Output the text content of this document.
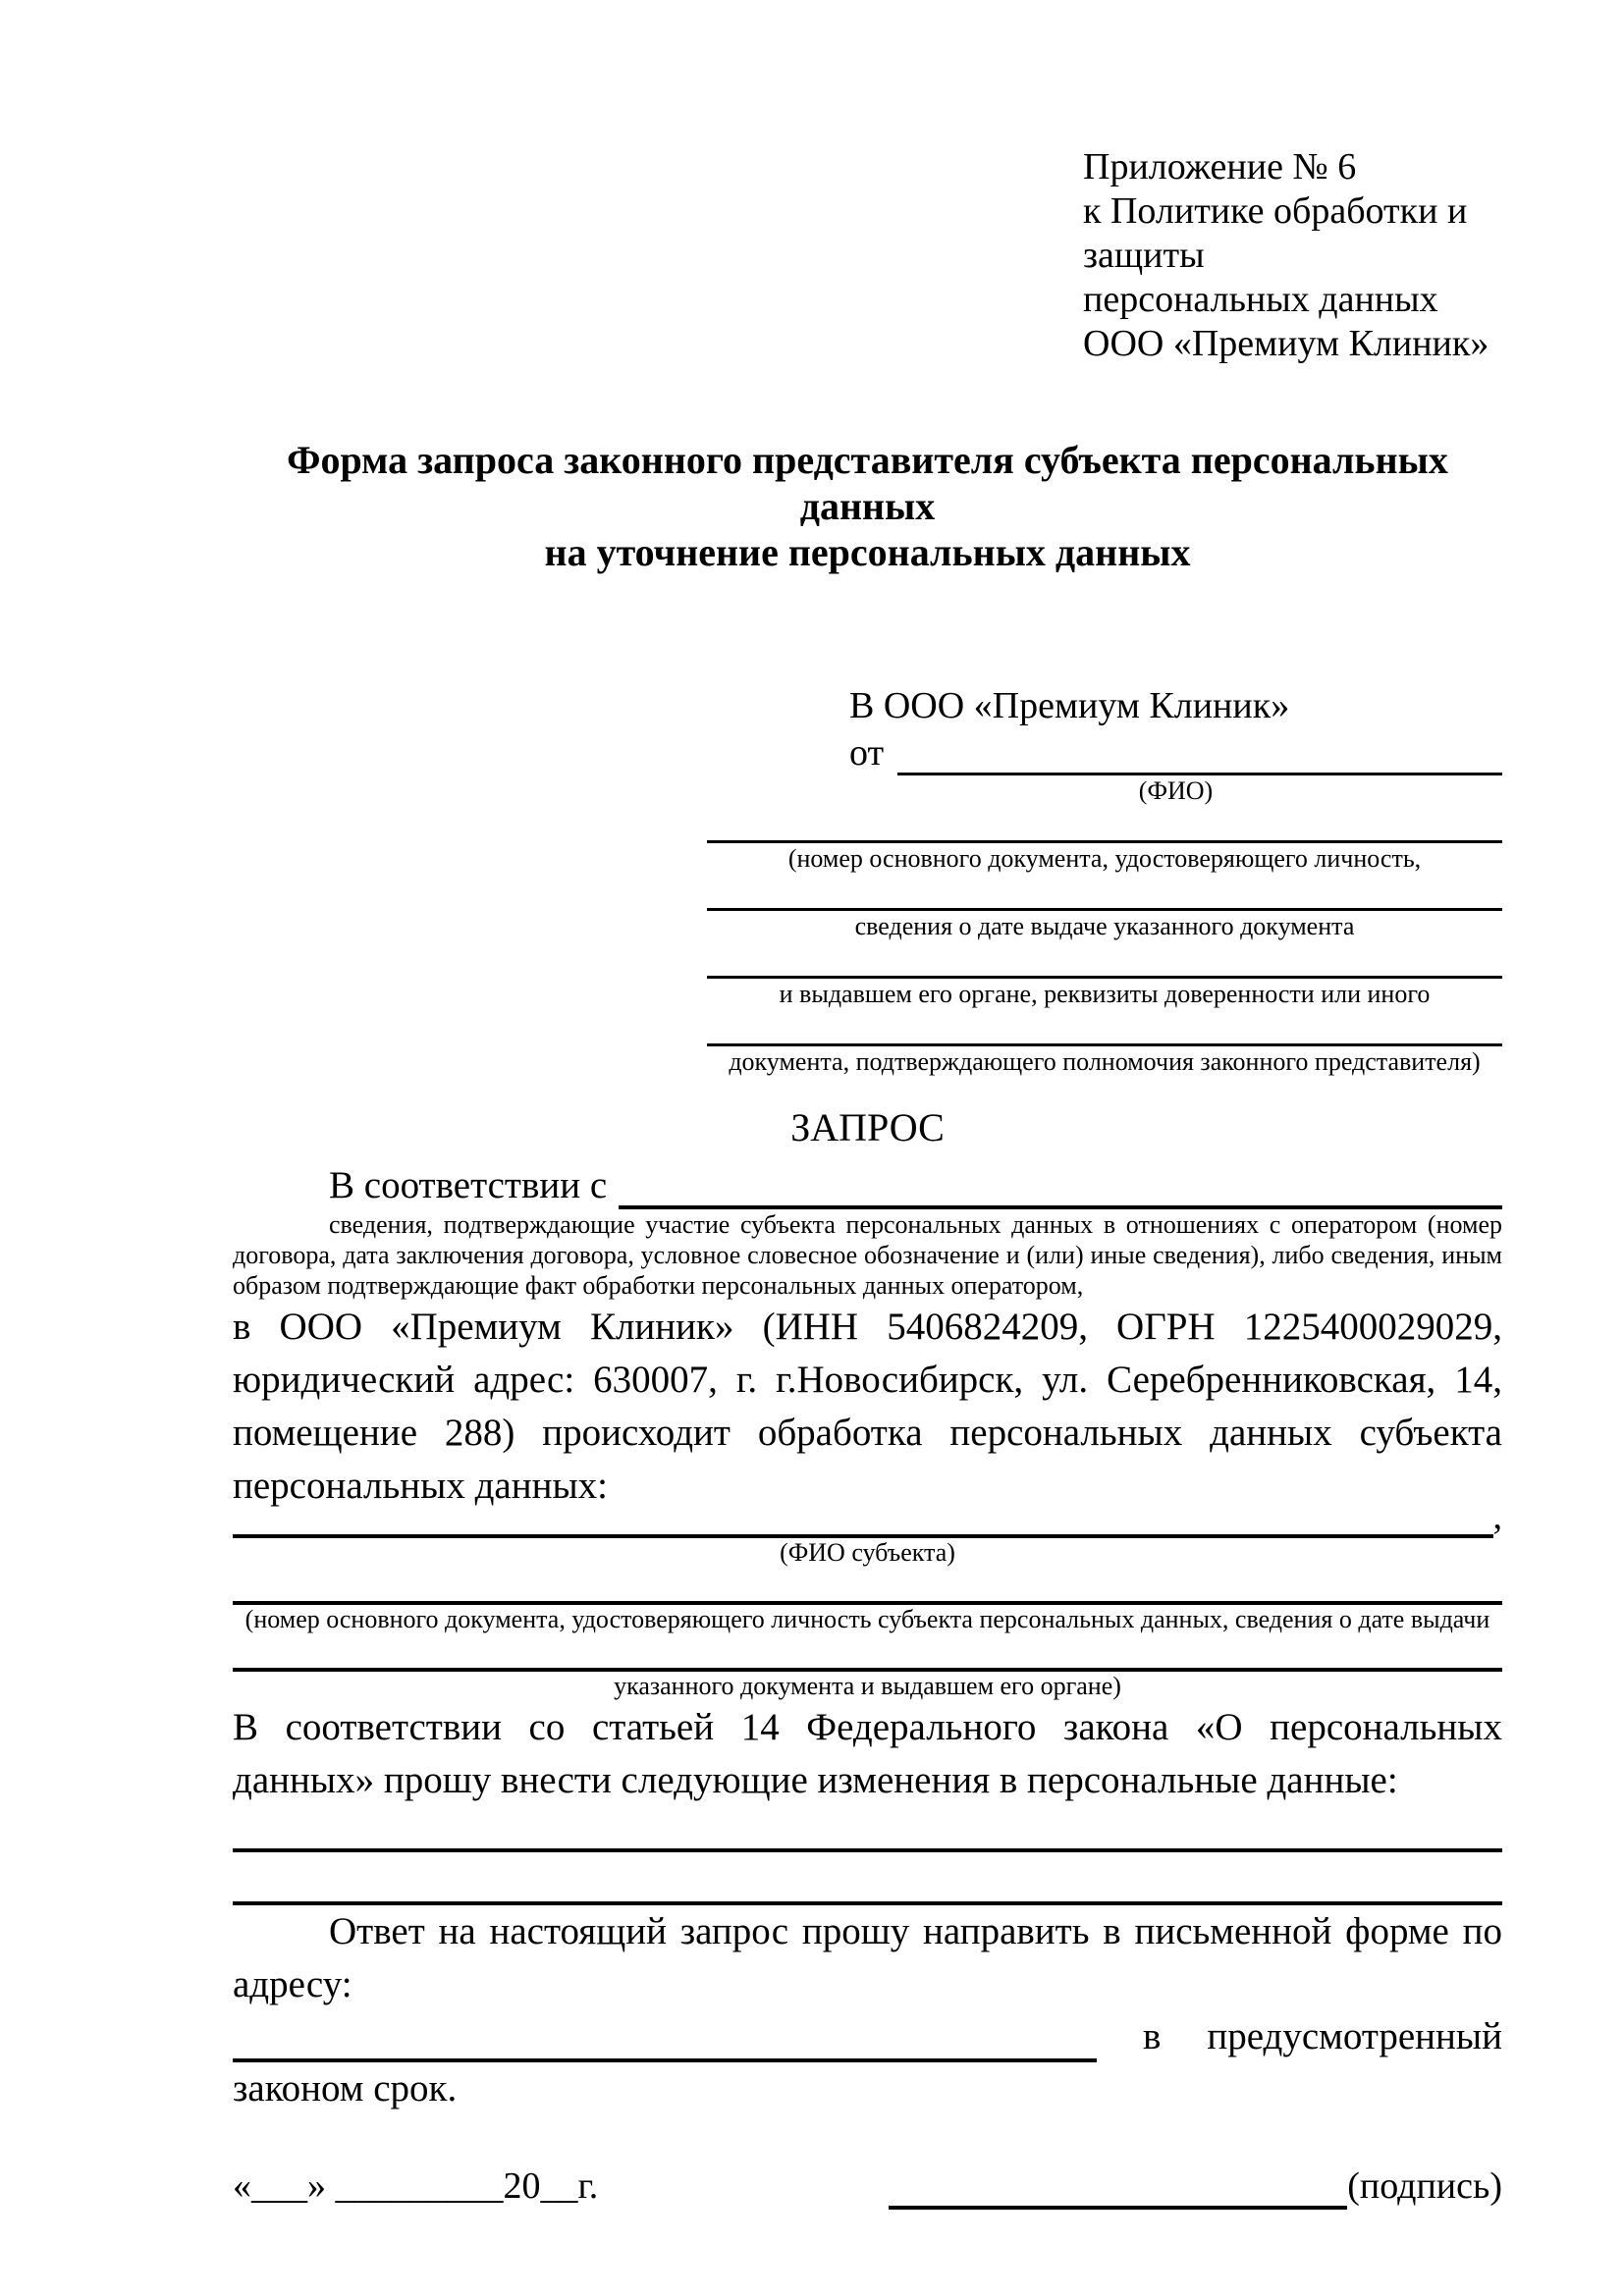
Приложение № 6
к Политике обработки и защиты
персональных данных
ООО «Премиум Клиник»
Форма запроса законного представителя субъекта персональных данных
на уточнение персональных данных
В ООО «Премиум Клиник»
от
(ФИО)
(номер основного документа, удостоверяющего личность,
сведения о дате выдаче указанного документа
и выдавшем его органе, реквизиты доверенности или иного
документа, подтверждающего полномочия законного представителя)
ЗАПРОС
В соответствии с
сведения, подтверждающие участие субъекта персональных данных в отношениях с оператором (номер договора, дата заключения договора, условное словесное обозначение и (или) иные сведения), либо сведения, иным образом подтверждающие факт обработки персональных данных оператором,
в ООО «Премиум Клиник» (ИНН 5406824209, ОГРН 1225400029029, юридический адрес: 630007, г. г.Новосибирск, ул. Серебренниковская, 14, помещение 288) происходит обработка персональных данных субъекта персональных данных:
,
(ФИО субъекта)
(номер основного документа, удостоверяющего личность субъекта персональных данных, сведения о дате выдачи
указанного документа и выдавшем его органе)
В соответствии со статьей 14 Федерального закона «О персональных данных» прошу внести следующие изменения в персональные данные:
Ответ на настоящий запрос прошу направить в письменной форме по адресу:
в предусмотренный
законом срок.
«___» _________20__г.	(подпись)
